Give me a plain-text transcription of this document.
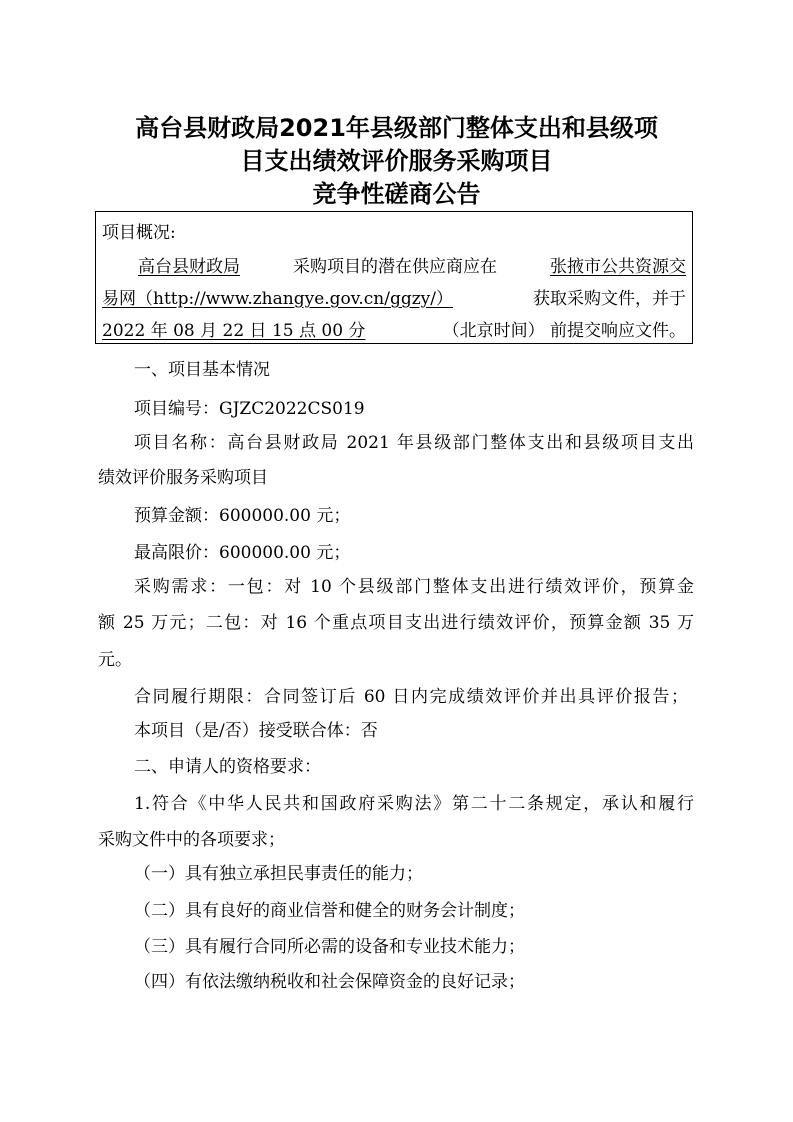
高台县财政局2021年县级部门整体支出和县级项
目支出绩效评价服务采购项目
竞争性磋商公告
项目概况:
高台县财政局	采购项目的潜在供应商应在	张掖市公共资源交
易网（http://www.zhangye.gov.cn/ggzy/）	获取采购文件，并于
2022 年 08 月 22 日 15 点 00 分	（北京时间） 前提交响应文件。
一、项目基本情况
项目编号：GJZC2022CS019
项目名称：高台县财政局 2021 年县级部门整体支出和县级项目支出
绩效评价服务采购项目
预算金额：600000.00 元；
最高限价：600000.00 元；
采购需求：一包：对 10 个县级部门整体支出进行绩效评价，预算金
额 25 万元；二包：对 16 个重点项目支出进行绩效评价，预算金额 35 万
元。
合同履行期限：合同签订后 60 日内完成绩效评价并出具评价报告；
本项目（是/否）接受联合体：否
二、申请人的资格要求：
1.符合《中华人民共和国政府采购法》第二十二条规定，承认和履行
采购文件中的各项要求；
（一）具有独立承担民事责任的能力；
（二）具有良好的商业信誉和健全的财务会计制度；
（三）具有履行合同所必需的设备和专业技术能力；
（四）有依法缴纳税收和社会保障资金的良好记录；
